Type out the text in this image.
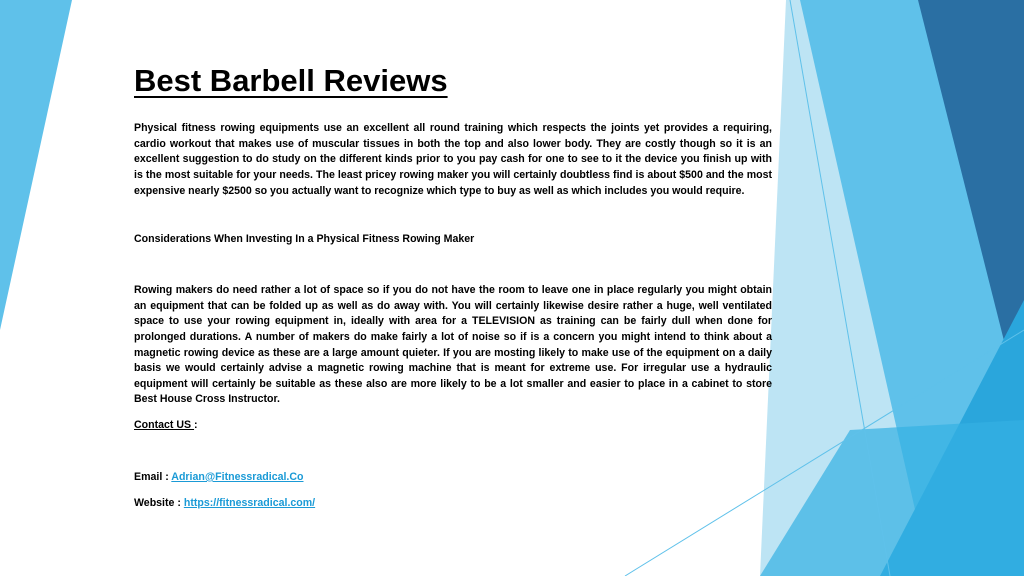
Best Barbell Reviews

Physical fitness rowing equipments use an excellent all round training which respects the joints yet provides a requiring, cardio workout that makes use of muscular tissues in both the top and also lower body. They are costly though so it is an excellent suggestion to do study on the different kinds prior to you pay cash for one to see to it the device you finish up with is the most suitable for your needs. The least pricey rowing maker you will certainly doubtless find is about $500 and the most expensive nearly $2500 so you actually want to recognize which type to buy as well as which includes you would require.

Considerations When Investing In a Physical Fitness Rowing Maker

Rowing makers do need rather a lot of space so if you do not have the room to leave one in place regularly you might obtain an equipment that can be folded up as well as do away with. You will certainly likewise desire rather a huge, well ventilated space to use your rowing equipment in, ideally with area for a TELEVISION as training can be fairly dull when done for prolonged durations. A number of makers do make fairly a lot of noise so if is a concern you might intend to think about a magnetic rowing device as these are a large amount quieter. If you are mosting likely to make use of the equipment on a daily basis we would certainly advise a magnetic rowing machine that is meant for extreme use. For irregular use a hydraulic equipment will certainly be suitable as these also are more likely to be a lot smaller and easier to place in a cabinet to store Best House Cross Instructor.

Contact US :

Email : Adrian@Fitnessradical.Co

Website : https://fitnessradical.com/
